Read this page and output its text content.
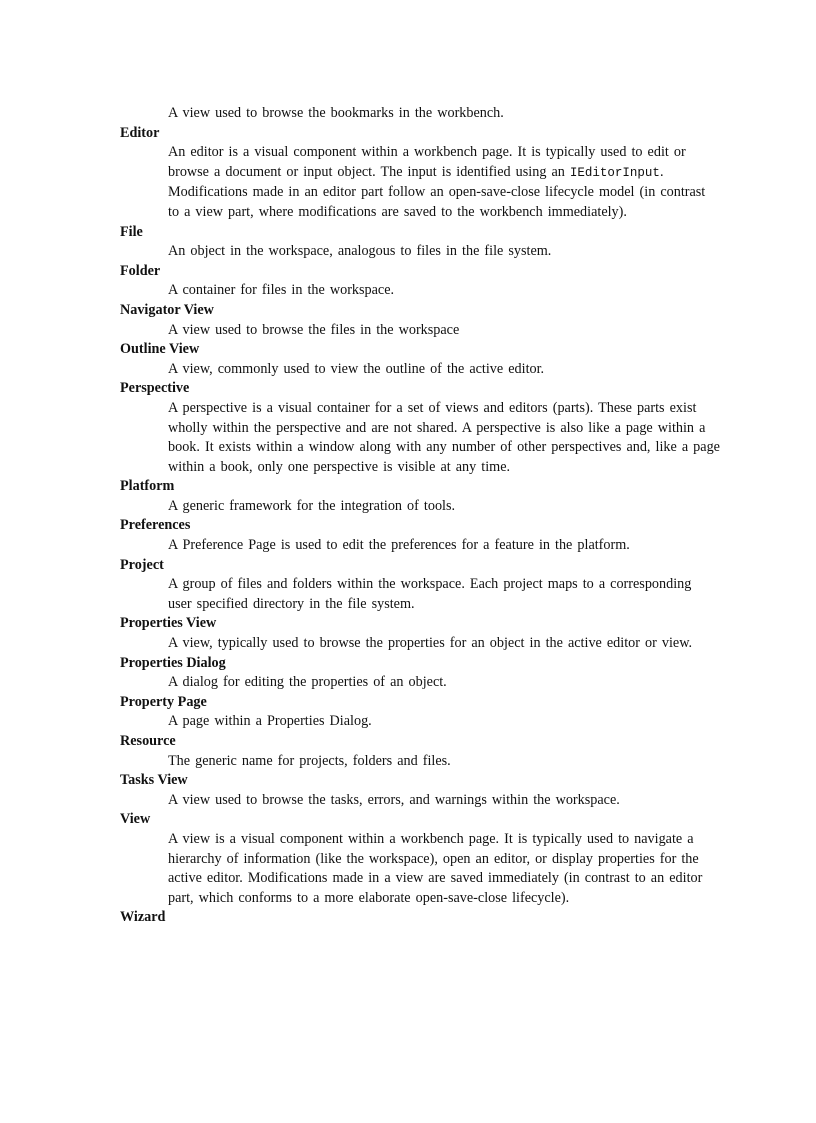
A view used to browse the bookmarks in the workbench.

Editor

An editor is a visual component within a workbench page. It is typically used to edit or browse a document or input object. The input is identified using an IEditorInput. Modifications made in an editor part follow an open-save-close lifecycle model (in contrast to a view part, where modifications are saved to the workbench immediately).

File

An object in the workspace, analogous to files in the file system.

Folder

A container for files in the workspace.

Navigator View

A view used to browse the files in the workspace

Outline View

A view, commonly used to view the outline of the active editor.

Perspective

A perspective is a visual container for a set of views and editors (parts). These parts exist wholly within the perspective and are not shared. A perspective is also like a page within a book. It exists within a window along with any number of other perspectives and, like a page within a book, only one perspective is visible at any time.

Platform

A generic framework for the integration of tools.

Preferences

A Preference Page is used to edit the preferences for a feature in the platform.

Project

A group of files and folders within the workspace. Each project maps to a corresponding user specified directory in the file system.

Properties View

A view, typically used to browse the properties for an object in the active editor or view.

Properties Dialog

A dialog for editing the properties of an object.

Property Page

A page within a Properties Dialog.

Resource

The generic name for projects, folders and files.

Tasks View

A view used to browse the tasks, errors, and warnings within the workspace.

View

A view is a visual component within a workbench page. It is typically used to navigate a hierarchy of information (like the workspace), open an editor, or display properties for the active editor. Modifications made in a view are saved immediately (in contrast to an editor part, which conforms to a more elaborate open-save-close lifecycle).

Wizard
